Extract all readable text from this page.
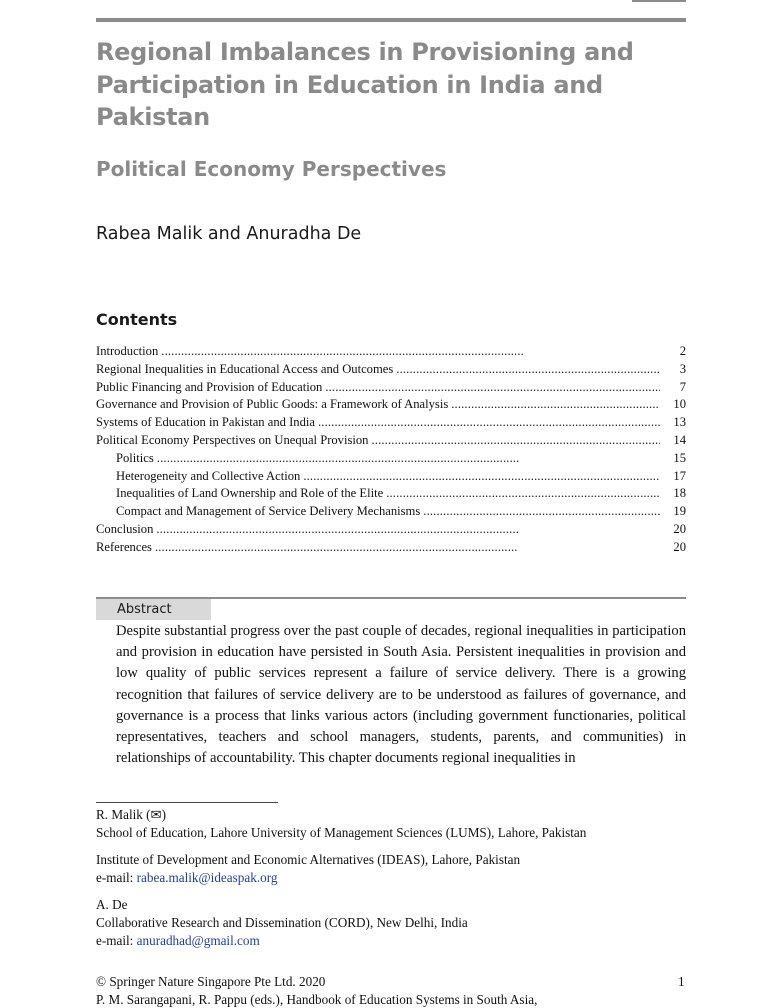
Regional Imbalances in Provisioning and Participation in Education in India and Pakistan
Political Economy Perspectives
Rabea Malik and Anuradha De
Contents
Introduction . . .	2
Regional Inequalities in Educational Access and Outcomes . . .	3
Public Financing and Provision of Education . . .	7
Governance and Provision of Public Goods: a Framework of Analysis . . .	10
Systems of Education in Pakistan and India . . .	13
Political Economy Perspectives on Unequal Provision . . .	14
Politics . . .	15
Heterogeneity and Collective Action . . .	17
Inequalities of Land Ownership and Role of the Elite . . .	18
Compact and Management of Service Delivery Mechanisms . . .	19
Conclusion . . .	20
References . . .	20
Abstract

Despite substantial progress over the past couple of decades, regional inequalities in participation and provision in education have persisted in South Asia. Persistent inequalities in provision and low quality of public services represent a failure of service delivery. There is a growing recognition that failures of service delivery are to be understood as failures of governance, and governance is a process that links various actors (including government functionaries, political representatives, teachers and school managers, students, parents, and communities) in relationships of accountability. This chapter documents regional inequalities in

R. Malik (✉)

School of Education, Lahore University of Management Sciences (LUMS), Lahore, Pakistan

Institute of Development and Economic Alternatives (IDEAS), Lahore, Pakistan

e-mail: rabea.malik@ideaspak.org

A. De

Collaborative Research and Dissemination (CORD), New Delhi, India

e-mail: anuradhad@gmail.com

© Springer Nature Singapore Pte Ltd. 2020	1

P. M. Sarangapani, R. Pappu (eds.), Handbook of Education Systems in South Asia,
